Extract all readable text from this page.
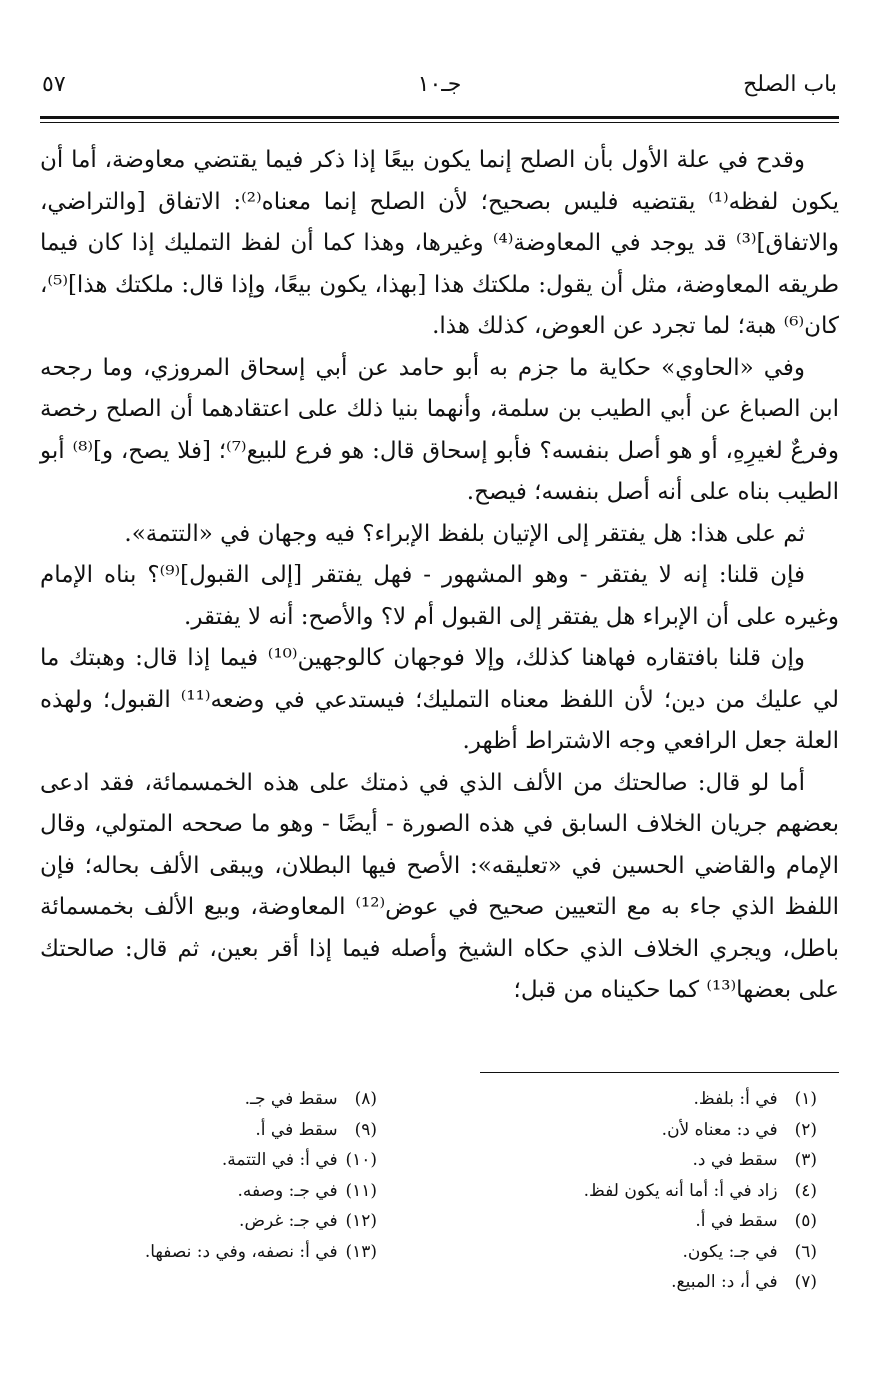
باب الصلح
جـ١٠
٥٧

وقدح في علة الأول بأن الصلح إنما يكون بيعًا إذا ذكر فيما يقتضي معاوضة، أما أن يكون لفظه⁽¹⁾ يقتضيه فليس بصحيح؛ لأن الصلح إنما معناه⁽²⁾: الاتفاق [والتراضي، والاتفاق]⁽³⁾ قد يوجد في المعاوضة⁽⁴⁾ وغيرها، وهذا كما أن لفظ التمليك إذا كان فيما طريقه المعاوضة، مثل أن يقول: ملكتك هذا [بهذا، يكون بيعًا، وإذا قال: ملكتك هذا]⁽⁵⁾، كان⁽⁶⁾ هبة؛ لما تجرد عن العوض، كذلك هذا.

وفي «الحاوي» حكاية ما جزم به أبو حامد عن أبي إسحاق المروزي، وما رجحه ابن الصباغ عن أبي الطيب بن سلمة، وأنهما بنيا ذلك على اعتقادهما أن الصلح رخصة وفرعٌ لغيرِهِ، أو هو أصل بنفسه؟ فأبو إسحاق قال: هو فرع للبيع⁽⁷⁾؛ [فلا يصح، و]⁽⁸⁾ أبو الطيب بناه على أنه أصل بنفسه؛ فيصح.

ثم على هذا: هل يفتقر إلى الإتيان بلفظ الإبراء؟ فيه وجهان في «التتمة».

فإن قلنا: إنه لا يفتقر - وهو المشهور - فهل يفتقر [إلى القبول]⁽⁹⁾؟ بناه الإمام وغيره على أن الإبراء هل يفتقر إلى القبول أم لا؟ والأصح: أنه لا يفتقر.

وإن قلنا بافتقاره فهاهنا كذلك، وإلا فوجهان كالوجهين⁽¹⁰⁾ فيما إذا قال: وهبتك ما لي عليك من دين؛ لأن اللفظ معناه التمليك؛ فيستدعي في وضعه⁽¹¹⁾ القبول؛ ولهذه العلة جعل الرافعي وجه الاشتراط أظهر.

أما لو قال: صالحتك من الألف الذي في ذمتك على هذه الخمسمائة، فقد ادعى بعضهم جريان الخلاف السابق في هذه الصورة - أيضًا - وهو ما صححه المتولي، وقال الإمام والقاضي الحسين في «تعليقه»: الأصح فيها البطلان، ويبقى الألف بحاله؛ فإن اللفظ الذي جاء به مع التعيين صحيح في عوض⁽¹²⁾ المعاوضة، وبيع الألف بخمسمائة باطل، ويجري الخلاف الذي حكاه الشيخ وأصله فيما إذا أقر بعين، ثم قال: صالحتك على بعضها⁽¹³⁾ كما حكيناه من قبل؛

(١) في أ: بلفظ.
(٢) في د: معناه لأن.
(٣) سقط في د.
(٤) زاد في أ: أما أنه يكون لفظ.
(٥) سقط في أ.
(٦) في جـ: يكون.
(٧) في أ، د: المبيع.
(٨) سقط في جـ.
(٩) سقط في أ.
(١٠) في أ: في التتمة.
(١١) في جـ: وصفه.
(١٢) في جـ: غرض.
(١٣) في أ: نصفه، وفي د: نصفها.
